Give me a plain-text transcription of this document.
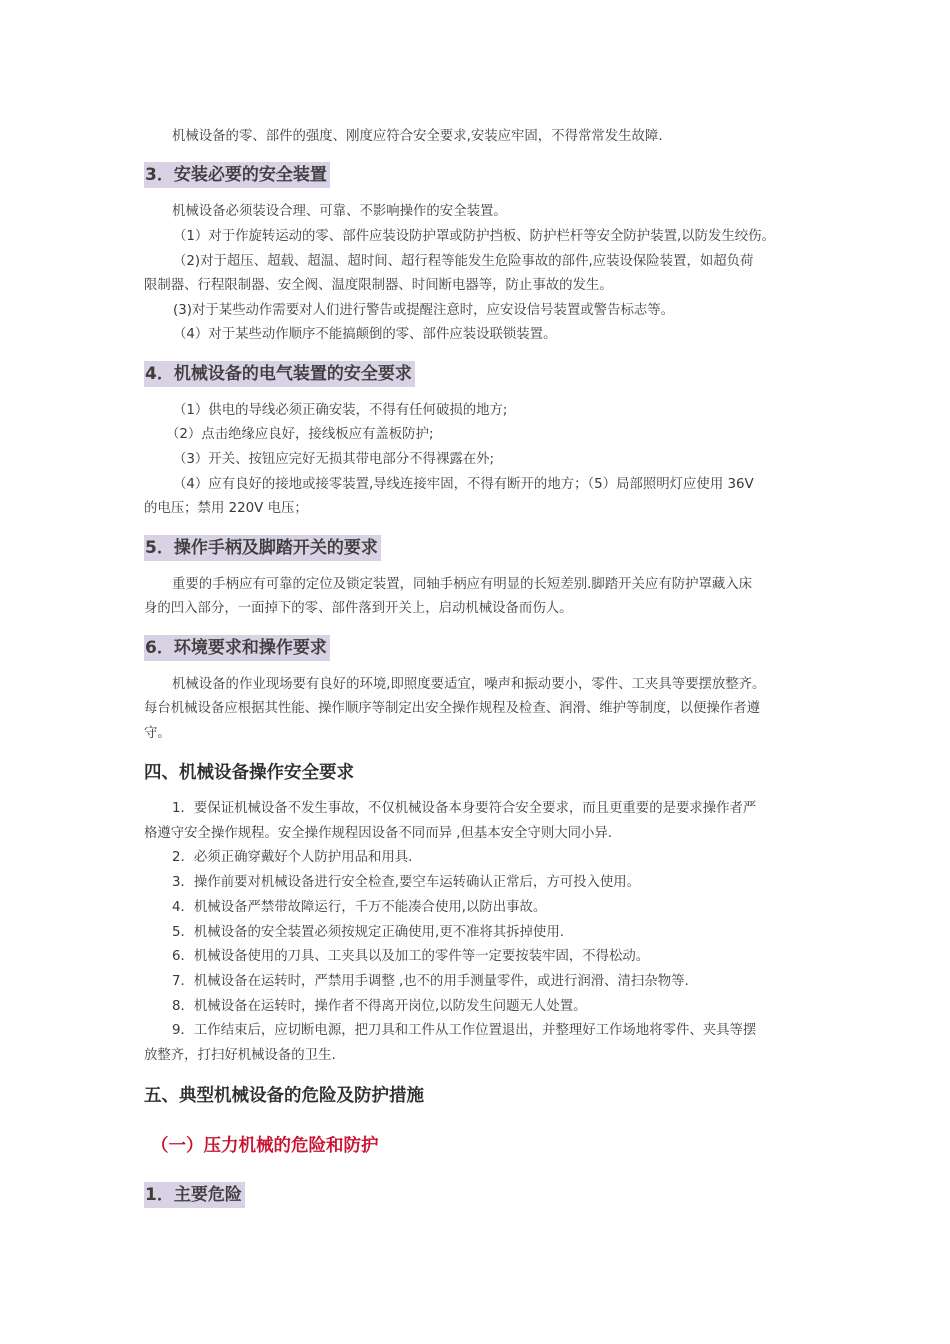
机械设备的零、部件的强度、刚度应符合安全要求,安装应牢固，不得常常发生故障.
3．安装必要的安全装置
机械设备必须装设合理、可靠、不影响操作的安全装置。
（1）对于作旋转运动的零、部件应装设防护罩或防护挡板、防护栏杆等安全防护装置,以防发生绞伤。
（2)对于超压、超载、超温、超时间、超行程等能发生危险事故的部件,应装设保险装置，如超负荷
限制器、行程限制器、安全阀、温度限制器、时间断电器等，防止事故的发生。
(3)对于某些动作需要对人们进行警告或提醒注意时，应安设信号装置或警告标志等。
（4）对于某些动作顺序不能搞颠倒的零、部件应装设联锁装置。
4．机械设备的电气装置的安全要求
（1）供电的导线必须正确安装，不得有任何破损的地方;
（2）点击绝缘应良好，接线板应有盖板防护;
（3）开关、按钮应完好无损其带电部分不得裸露在外;
（4）应有良好的接地或接零装置,导线连接牢固，不得有断开的地方；（5）局部照明灯应使用 36V
的电压；禁用 220V 电压；
5．操作手柄及脚踏开关的要求
重要的手柄应有可靠的定位及锁定装置，同轴手柄应有明显的长短差别.脚踏开关应有防护罩藏入床
身的凹入部分，一面掉下的零、部件落到开关上，启动机械设备而伤人。
6．环境要求和操作要求
机械设备的作业现场要有良好的环境,即照度要适宜，噪声和振动要小，零件、工夹具等要摆放整齐。
每台机械设备应根据其性能、操作顺序等制定出安全操作规程及检查、润滑、维护等制度，以便操作者遵
守。
四、机械设备操作安全要求
1．要保证机械设备不发生事故，不仅机械设备本身要符合安全要求，而且更重要的是要求操作者严
格遵守安全操作规程。安全操作规程因设备不同而异 ,但基本安全守则大同小异.
2．必须正确穿戴好个人防护用品和用具.
3．操作前要对机械设备进行安全检查,要空车运转确认正常后，方可投入使用。
4．机械设备严禁带故障运行，千万不能凑合使用,以防出事故。
5．机械设备的安全装置必须按规定正确使用,更不准将其拆掉使用.
6．机械设备使用的刀具、工夹具以及加工的零件等一定要按装牢固，不得松动。
7．机械设备在运转时，严禁用手调整 ,也不的用手测量零件，或进行润滑、清扫杂物等.
8．机械设备在运转时，操作者不得离开岗位,以防发生问题无人处置。
9．工作结束后，应切断电源，把刀具和工件从工作位置退出，并整理好工作场地将零件、夹具等摆
放整齐，打扫好机械设备的卫生.
五、典型机械设备的危险及防护措施
（一）压力机械的危险和防护
1．主要危险
